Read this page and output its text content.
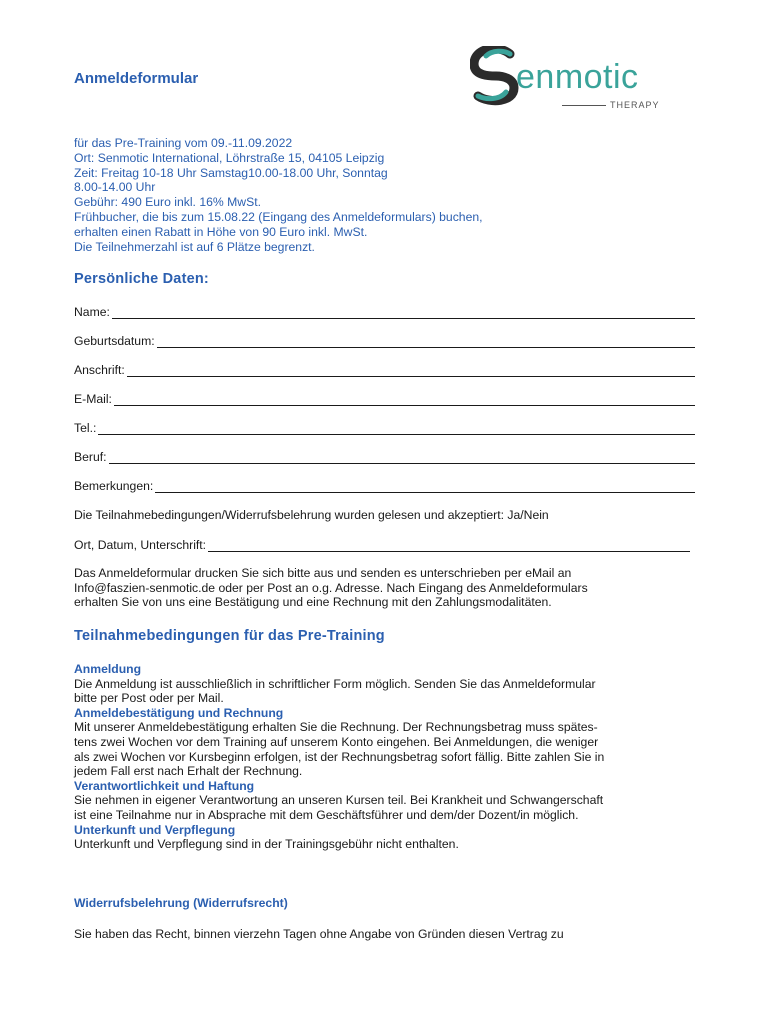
Anmeldeformular	enmotic
THERAPY
für das Pre-Training vom 09.-11.09.2022
Ort: Senmotic International, Löhrstraße 15, 04105 Leipzig
Zeit: Freitag 10-18 Uhr Samstag10.00-18.00 Uhr, Sonntag
8.00-14.00 Uhr
Gebühr: 490 Euro inkl. 16% MwSt.
Frühbucher, die bis zum 15.08.22 (Eingang des Anmeldeformulars) buchen,
erhalten einen Rabatt in Höhe von 90 Euro inkl. MwSt.
Die Teilnehmerzahl ist auf 6 Plätze begrenzt.
Persönliche Daten:
Name:
Geburtsdatum:
Anschrift:
E-Mail:
Tel.:
Beruf:
Bemerkungen:
Die Teilnahmebedingungen/Widerrufsbelehrung wurden gelesen und akzeptiert: Ja/Nein
Ort, Datum, Unterschrift:
Das Anmeldeformular drucken Sie sich bitte aus und senden es unterschrieben per eMail an
Info@faszien-senmotic.de oder per Post an o.g. Adresse. Nach Eingang des Anmeldeformulars
erhalten Sie von uns eine Bestätigung und eine Rechnung mit den Zahlungsmodalitäten.
Teilnahmebedingungen für das Pre-Training
Anmeldung
Die Anmeldung ist ausschließlich in schriftlicher Form möglich. Senden Sie das Anmeldeformular
bitte per Post oder per Mail.
Anmeldebestätigung und Rechnung
Mit unserer Anmeldebestätigung erhalten Sie die Rechnung. Der Rechnungsbetrag muss spätes-
tens zwei Wochen vor dem Training auf unserem Konto eingehen. Bei Anmeldungen, die weniger
als zwei Wochen vor Kursbeginn erfolgen, ist der Rechnungsbetrag sofort fällig. Bitte zahlen Sie in
jedem Fall erst nach Erhalt der Rechnung.
Verantwortlichkeit und Haftung
Sie nehmen in eigener Verantwortung an unseren Kursen teil. Bei Krankheit und Schwangerschaft
ist eine Teilnahme nur in Absprache mit dem Geschäftsführer und dem/der Dozent/in möglich.
Unterkunft und Verpflegung
Unterkunft und Verpflegung sind in der Trainingsgebühr nicht enthalten.
Widerrufsbelehrung (Widerrufsrecht)
Sie haben das Recht, binnen vierzehn Tagen ohne Angabe von Gründen diesen Vertrag zu
